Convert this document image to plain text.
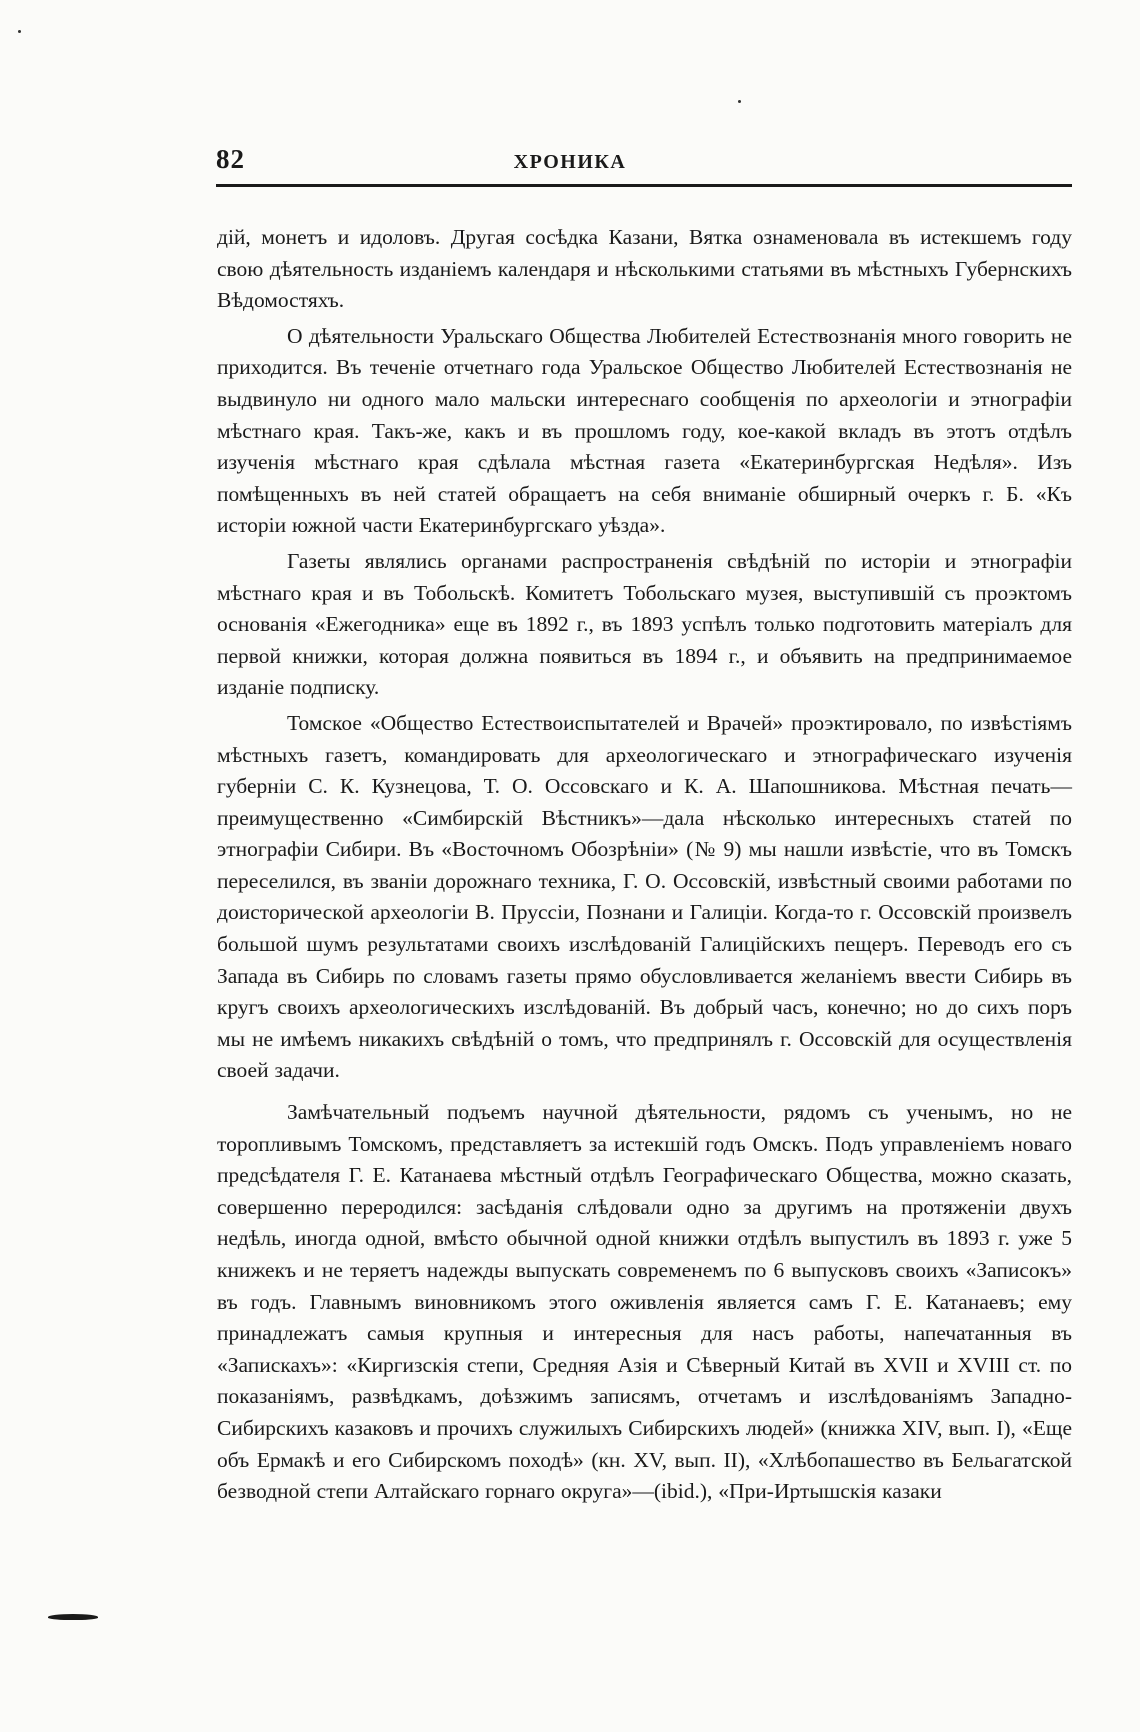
82	ХРОНИКА

дій, монетъ и идоловъ. Другая сосѣдка Казани, Вятка ознаменовала въ истекшемъ году свою дѣятельность изданіемъ календаря и нѣсколькими статьями въ мѣстныхъ Губернскихъ Вѣдомостяхъ.

О дѣятельности Уральскаго Общества Любителей Естествознанія много говорить не приходится. Въ теченіе отчетнаго года Уральское Общество Любителей Естествознанія не выдвинуло ни одного мало мальски интереснаго сообщенія по археологіи и этнографіи мѣстнаго края. Такъ-же, какъ и въ прошломъ году, кое-какой вкладъ въ этотъ отдѣлъ изученія мѣстнаго края сдѣлала мѣстная газета «Екатеринбургская Недѣля». Изъ помѣщенныхъ въ ней статей обращаетъ на себя вниманіе обширный очеркъ г. Б. «Къ исторіи южной части Екатеринбургскаго уѣзда».

Газеты являлись органами распространенія свѣдѣній по исторіи и этнографіи мѣстнаго края и въ Тобольскѣ. Комитетъ Тобольскаго музея, выступившій съ проэктомъ основанія «Ежегодника» еще въ 1892 г., въ 1893 успѣлъ только подготовить матеріалъ для первой книжки, которая должна появиться въ 1894 г., и объявить на предпринимаемое изданіе подписку.

Томское «Общество Естествоиспытателей и Врачей» проэктировало, по извѣстіямъ мѣстныхъ газетъ, командировать для археологическаго и этнографическаго изученія губерніи С. К. Кузнецова, Т. О. Оссовскаго и К. А. Шапошникова. Мѣстная печать—преимущественно «Симбирскій Вѣстникъ»—дала нѣсколько интересныхъ статей по этнографіи Сибири. Въ «Восточномъ Обозрѣніи» (№ 9) мы нашли извѣстіе, что въ Томскъ переселился, въ званіи дорожнаго техника, Г. О. Оссовскій, извѣстный своими работами по доисторической археологіи В. Пруссіи, Познани и Галиціи. Когда-то г. Оссовскій произвелъ большой шумъ результатами своихъ изслѣдованій Галиційскихъ пещеръ. Переводъ его съ Запада въ Сибирь по словамъ газеты прямо обусловливается желаніемъ ввести Сибирь въ кругъ своихъ археологическихъ изслѣдованій. Въ добрый часъ, конечно; но до сихъ поръ мы не имѣемъ никакихъ свѣдѣній о томъ, что предпринялъ г. Оссовскій для осуществленія своей задачи.

Замѣчательный подъемъ научной дѣятельности, рядомъ съ ученымъ, но не торопливымъ Томскомъ, представляетъ за истекшій годъ Омскъ. Подъ управленіемъ новаго предсѣдателя Г. Е. Катанаева мѣстный отдѣлъ Географическаго Общества, можно сказать, совершенно переродился: засѣданія слѣдовали одно за другимъ на протяженіи двухъ недѣль, иногда одной, вмѣсто обычной одной книжки отдѣлъ выпустилъ въ 1893 г. уже 5 книжекъ и не теряетъ надежды выпускать современемъ по 6 выпусковъ своихъ «Записокъ» въ годъ. Главнымъ виновникомъ этого оживленія является самъ Г. Е. Катанаевъ; ему принадлежатъ самыя крупныя и интересныя для насъ работы, напечатанныя въ «Запискахъ»: «Киргизскія степи, Средняя Азія и Сѣверный Китай въ XVII и XVIII ст. по показаніямъ, развѣдкамъ, доѣзжимъ записямъ, отчетамъ и изслѣдованіямъ Западно-Сибирскихъ казаковъ и прочихъ служилыхъ Сибирскихъ людей» (книжка XIV, вып. I), «Еще объ Ермакѣ и его Сибирскомъ походѣ» (кн. XV, вып. II), «Хлѣбопашество въ Бельагатской безводной степи Алтайскаго горнаго округа»—(ibid.), «При-Иртышскія казаки
